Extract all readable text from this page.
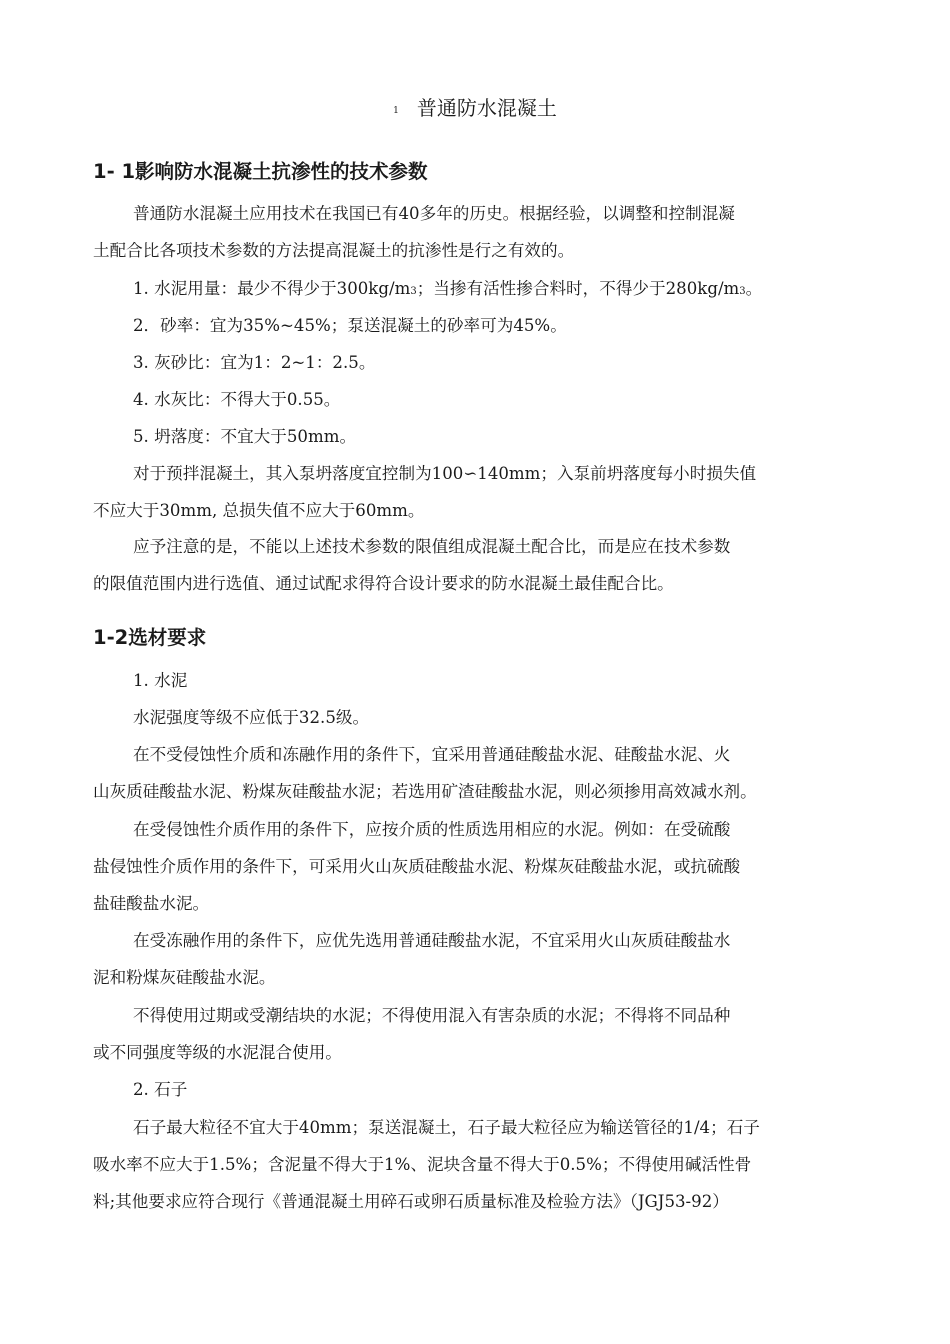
1 普通防水混凝土
1- 1影响防水混凝土抗渗性的技术参数
普通防水混凝土应用技术在我国已有40多年的历史。根据经验，以调整和控制混凝
土配合比各项技术参数的方法提高混凝土的抗渗性是行之有效的。
1. 水泥用量：最少不得少于300kg/m3；当掺有活性掺合料时，不得少于280kg/m3。
2．砂率：宜为35%~45%；泵送混凝土的砂率可为45%。
3. 灰砂比：宜为1：2~1：2.5。
4. 水灰比：不得大于0.55。
5. 坍落度：不宜大于50mm。
对于预拌混凝土，其入泵坍落度宜控制为100∽140mm；入泵前坍落度每小时损失值
不应大于30mm, 总损失值不应大于60mm。
应予注意的是，不能以上述技术参数的限值组成混凝土配合比，而是应在技术参数
的限值范围内进行选值、通过试配求得符合设计要求的防水混凝土最佳配合比。
1-2选材要求
1. 水泥
水泥强度等级不应低于32.5级。
在不受侵蚀性介质和冻融作用的条件下，宜采用普通硅酸盐水泥、硅酸盐水泥、火
山灰质硅酸盐水泥、粉煤灰硅酸盐水泥；若选用矿渣硅酸盐水泥，则必须掺用高效减水剂。
在受侵蚀性介质作用的条件下，应按介质的性质选用相应的水泥。例如：在受硫酸
盐侵蚀性介质作用的条件下，可采用火山灰质硅酸盐水泥、粉煤灰硅酸盐水泥，或抗硫酸
盐硅酸盐水泥。
在受冻融作用的条件下，应优先选用普通硅酸盐水泥，不宜采用火山灰质硅酸盐水
泥和粉煤灰硅酸盐水泥。
不得使用过期或受潮结块的水泥；不得使用混入有害杂质的水泥；不得将不同品种
或不同强度等级的水泥混合使用。
2. 石子
石子最大粒径不宜大于40mm；泵送混凝土，石子最大粒径应为输送管径的1/4；石子
吸水率不应大于1.5%；含泥量不得大于1%、泥块含量不得大于0.5%；不得使用碱活性骨
料;其他要求应符合现行《普通混凝土用碎石或卵石质量标准及检验方法》（JGJ53-92）
